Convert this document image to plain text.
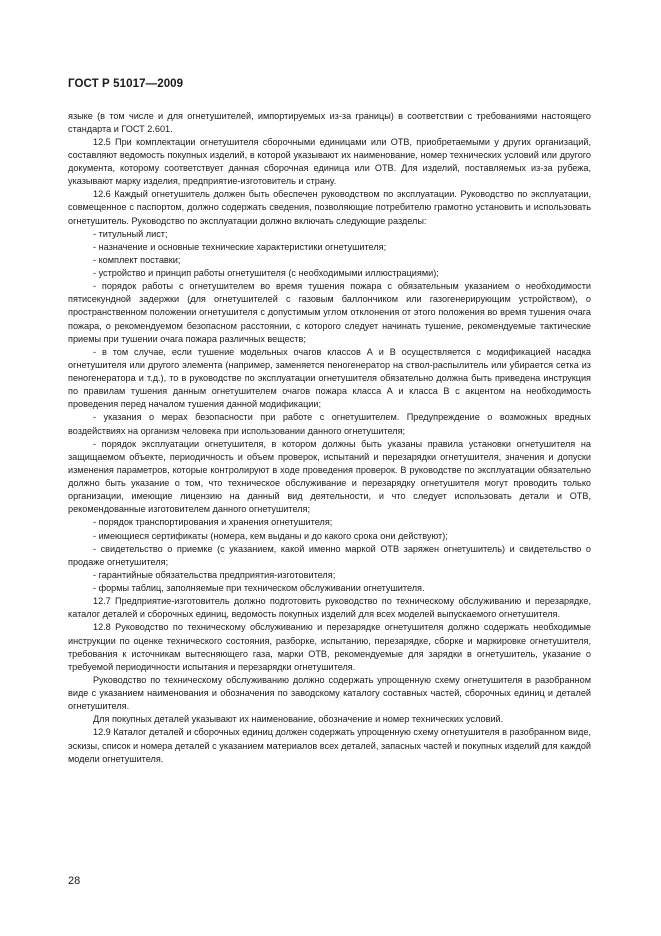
ГОСТ Р 51017—2009

языке (в том числе и для огнетушителей, импортируемых из-за границы) в соответствии с требованиями настоящего стандарта и ГОСТ 2.601.

12.5 При комплектации огнетушителя сборочными единицами или ОТВ, приобретаемыми у других организаций, составляют ведомость покупных изделий, в которой указывают их наименование, номер технических условий или другого документа, которому соответствует данная сборочная единица или ОТВ. Для изделий, поставляемых из-за рубежа, указывают марку изделия, предприятие-изготовитель и страну.

12.6 Каждый огнетушитель должен быть обеспечен руководством по эксплуатации. Руководство по эксплуатации, совмещенное с паспортом, должно содержать сведения, позволяющие потребителю грамотно установить и использовать огнетушитель. Руководство по эксплуатации должно включать следующие разделы:

- титульный лист;

- назначение и основные технические характеристики огнетушителя;

- комплект поставки;

- устройство и принцип работы огнетушителя (с необходимыми иллюстрациями);

- порядок работы с огнетушителем во время тушения пожара с обязательным указанием о необходимости пятисекундной задержки (для огнетушителей с газовым баллончиком или газогенерирующим устройством), о пространственном положении огнетушителя с допустимым углом отклонения от этого положения во время тушения очага пожара, о рекомендуемом безопасном расстоянии, с которого следует начинать тушение, рекомендуемые тактические приемы при тушении очага пожара различных веществ;

- в том случае, если тушение модельных очагов классов А и В осуществляется с модификацией насадка огнетушителя или другого элемента (например, заменяется пеногенератор на ствол-распылитель или убирается сетка из пеногенератора и т.д.), то в руководстве по эксплуатации огнетушителя обязательно должна быть приведена инструкция по правилам тушения данным огнетушителем очагов пожара класса А и класса В с акцентом на необходимость проведения перед началом тушения данной модификации;

- указания о мерах безопасности при работе с огнетушителем. Предупреждение о возможных вредных воздействиях на организм человека при использовании данного огнетушителя;

- порядок эксплуатации огнетушителя, в котором должны быть указаны правила установки огнетушителя на защищаемом объекте, периодичность и объем проверок, испытаний и перезарядки огнетушителя, значения и допуски изменения параметров, которые контролируют в ходе проведения проверок. В руководстве по эксплуатации обязательно должно быть указание о том, что техническое обслуживание и перезарядку огнетушителя могут проводить только организации, имеющие лицензию на данный вид деятельности, и что следует использовать детали и ОТВ, рекомендованные изготовителем данного огнетушителя;

- порядок транспортирования и хранения огнетушителя;

- имеющиеся сертификаты (номера, кем выданы и до какого срока они действуют);

- свидетельство о приемке (с указанием, какой именно маркой ОТВ заряжен огнетушитель) и свидетельство о продаже огнетушителя;

- гарантийные обязательства предприятия-изготовителя;

- формы таблиц, заполняемые при техническом обслуживании огнетушителя.

12.7 Предприятие-изготовитель должно подготовить руководство по техническому обслуживанию и перезарядке, каталог деталей и сборочных единиц, ведомость покупных изделий для всех моделей выпускаемого огнетушителя.

12.8 Руководство по техническому обслуживанию и перезарядке огнетушителя должно содержать необходимые инструкции по оценке технического состояния, разборке, испытанию, перезарядке, сборке и маркировке огнетушителя, требования к источникам вытесняющего газа, марки ОТВ, рекомендуемые для зарядки в огнетушитель, указание о требуемой периодичности испытания и перезарядки огнетушителя.

Руководство по техническому обслуживанию должно содержать упрощенную схему огнетушителя в разобранном виде с указанием наименования и обозначения по заводскому каталогу составных частей, сборочных единиц и деталей огнетушителя.

Для покупных деталей указывают их наименование, обозначение и номер технических условий.

12.9 Каталог деталей и сборочных единиц должен содержать упрощенную схему огнетушителя в разобранном виде, эскизы, список и номера деталей с указанием материалов всех деталей, запасных частей и покупных изделий для каждой модели огнетушителя.

28
